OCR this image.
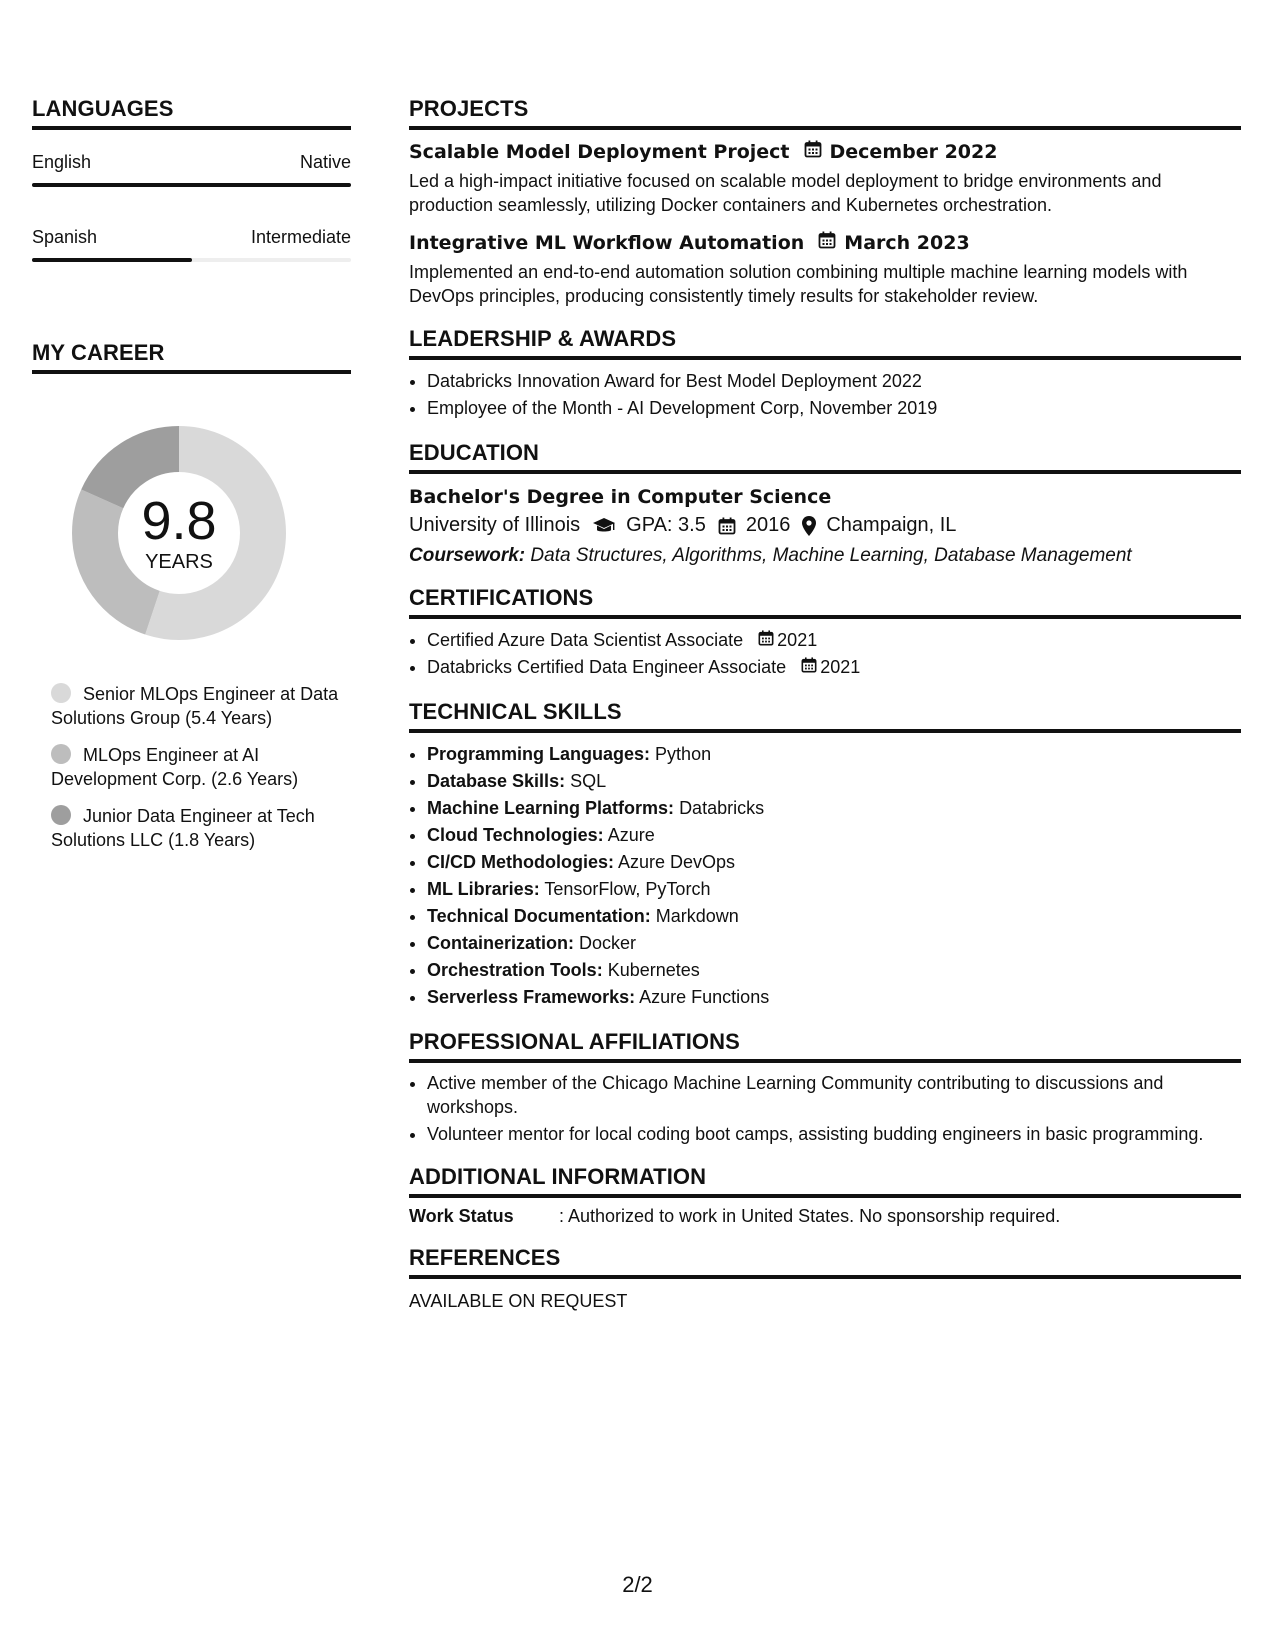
LANGUAGES
English	Native
Spanish	Intermediate
MY CAREER
9.8
YEARS
Senior MLOps Engineer at Data Solutions Group (5.4 Years)
MLOps Engineer at AI Development Corp. (2.6 Years)
Junior Data Engineer at Tech Solutions LLC (1.8 Years)
PROJECTS
Scalable Model Deployment Project December 2022
Led a high-impact initiative focused on scalable model deployment to bridge environments and production seamlessly, utilizing Docker containers and Kubernetes orchestration.
Integrative ML Workflow Automation March 2023
Implemented an end-to-end automation solution combining multiple machine learning models with DevOps principles, producing consistently timely results for stakeholder review.
LEADERSHIP & AWARDS
• Databricks Innovation Award for Best Model Deployment 2022
• Employee of the Month - AI Development Corp, November 2019
EDUCATION
Bachelor's Degree in Computer Science
University of Illinois GPA: 3.5 2016 Champaign, IL
Coursework: Data Structures, Algorithms, Machine Learning, Database Management
CERTIFICATIONS
• Certified Azure Data Scientist Associate 2021
• Databricks Certified Data Engineer Associate 2021
TECHNICAL SKILLS
• Programming Languages: Python
• Database Skills: SQL
• Machine Learning Platforms: Databricks
• Cloud Technologies: Azure
• CI/CD Methodologies: Azure DevOps
• ML Libraries: TensorFlow, PyTorch
• Technical Documentation: Markdown
• Containerization: Docker
• Orchestration Tools: Kubernetes
• Serverless Frameworks: Azure Functions
PROFESSIONAL AFFILIATIONS
• Active member of the Chicago Machine Learning Community contributing to discussions and workshops.
• Volunteer mentor for local coding boot camps, assisting budding engineers in basic programming.
ADDITIONAL INFORMATION
Work Status	: Authorized to work in United States. No sponsorship required.
REFERENCES
AVAILABLE ON REQUEST
2/2
